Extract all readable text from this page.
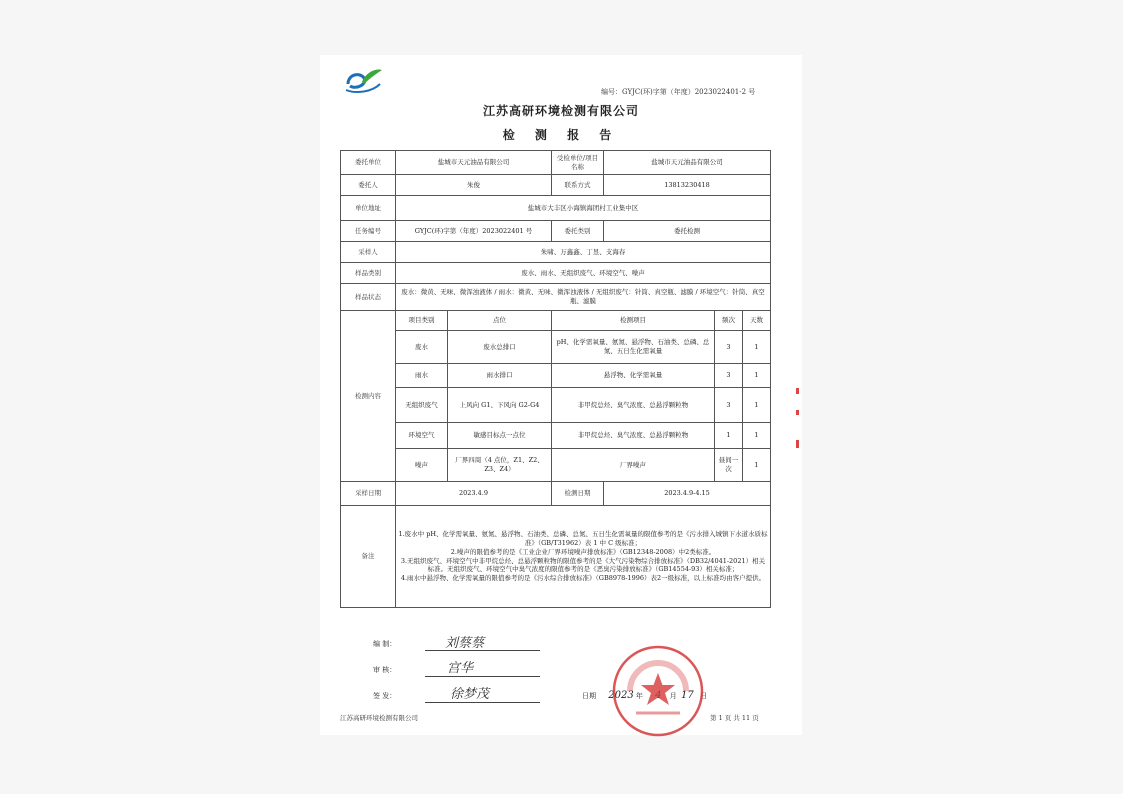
编号：GYJC(环)字第（年度）2023022401-2 号
江苏高研环境检测有限公司
检 测 报 告
委托单位	盐城市天元油品有限公司		受检单位/项目名称	盐城市天元油品有限公司		
委托人	朱俊		联系方式	13813230418		
单位地址	盐城市大丰区小海镇海团村工业集中区					
任务编号	GYJC(环)字第（年度）2023022401 号		委托类别	委托检测		
采样人	朱啸、万鑫鑫、丁昱、支海春					
样品类别	废水、雨水、无组织废气、环境空气、噪声					
样品状态	废水：微黄、无味、微浑浊液体 / 雨水：微黄、无味、微浑浊液体 / 无组织废气：针筒、真空瓶、滤膜 / 环境空气：针筒、真空瓶、滤膜					
检测内容	项目类别	点位	检测项目		频次	天数
	废水	废水总排口	pH、化学需氧量、氨氮、悬浮物、石油类、总磷、总氮、五日生化需氧量		3	1
	雨水	雨水排口	悬浮物、化学需氧量		3	1
	无组织废气	上风向 G1、下风向 G2-G4	非甲烷总烃、臭气浓度、总悬浮颗粒物		3	1
	环境空气	敏感目标点一点位	非甲烷总烃、臭气浓度、总悬浮颗粒物		1	1
	噪声	厂界四周（4 点位，Z1、Z2、Z3、Z4）	厂界噪声		昼间一次	1
采样日期	2023.4.9		检测日期	2023.4.9-4.15		
备注	1.废水中 pH、化学需氧量、氨氮、悬浮物、石油类、总磷、总氮、五日生化需氧量的限值参考的是《污水排入城镇下水道水质标准》（GB/T31962）表 1 中 C 级标准；
2.噪声的限值参考的是《工业企业厂界环境噪声排放标准》（GB12348-2008）中2类标准。
3.无组织废气、环境空气中非甲烷总烃、总悬浮颗粒物的限值参考的是《大气污染物综合排放标准》（DB32/4041-2021）相关标准。无组织废气、环境空气中臭气浓度的限值参考的是《恶臭污染排放标准》（GB14554-93）相关标准；
4.雨水中悬浮物、化学需氧量的限值参考的是《污水综合排放标准》（GB8978-1996）表2一级标准，以上标准均由客户提供。					
编 制：	刘蔡蔡
审 核：	宫华
签 发：	徐梦茂	日期 2023 年	月 17 日
江苏高研环境检测有限公司	第 1 页 共 11 页
